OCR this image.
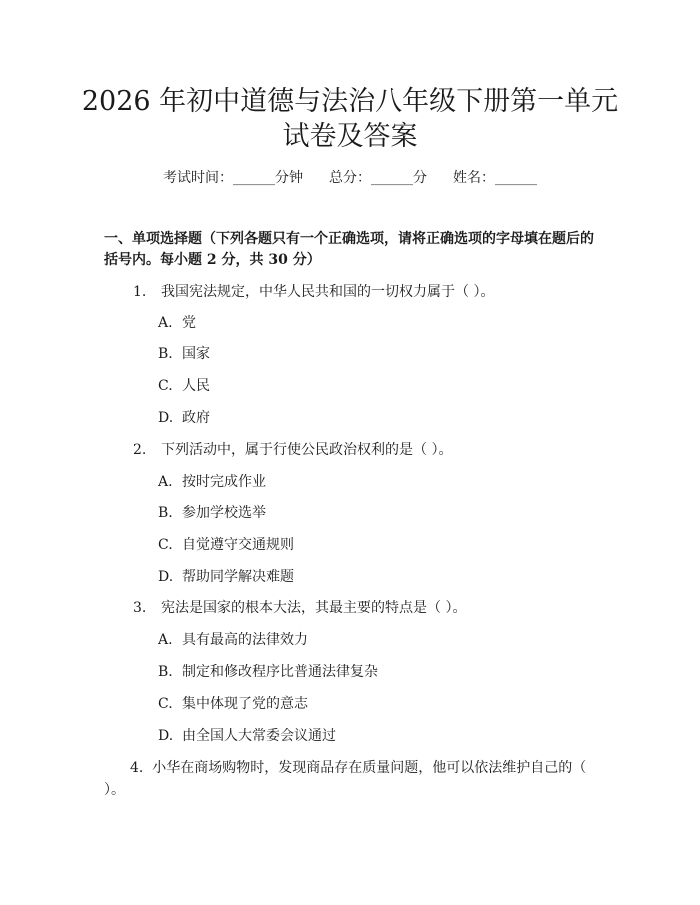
2026 年初中道德与法治八年级下册第一单元
试卷及答案
考试时间：______分钟 总分：______分 姓名：______

一、单项选择题（下列各题只有一个正确选项，请将正确选项的字母填在题后的括号内。每小题 2 分，共 30 分）

1. 我国宪法规定，中华人民共和国的一切权力属于（ ）。
A. 党
B. 国家
C. 人民
D. 政府
2. 下列活动中，属于行使公民政治权利的是（ ）。
A. 按时完成作业
B. 参加学校选举
C. 自觉遵守交通规则
D. 帮助同学解决难题
3. 宪法是国家的根本大法，其最主要的特点是（ ）。
A. 具有最高的法律效力
B. 制定和修改程序比普通法律复杂
C. 集中体现了党的意志
D. 由全国人大常委会议通过
4. 小华在商场购物时，发现商品存在质量问题，他可以依法维护自己的（ ）。
